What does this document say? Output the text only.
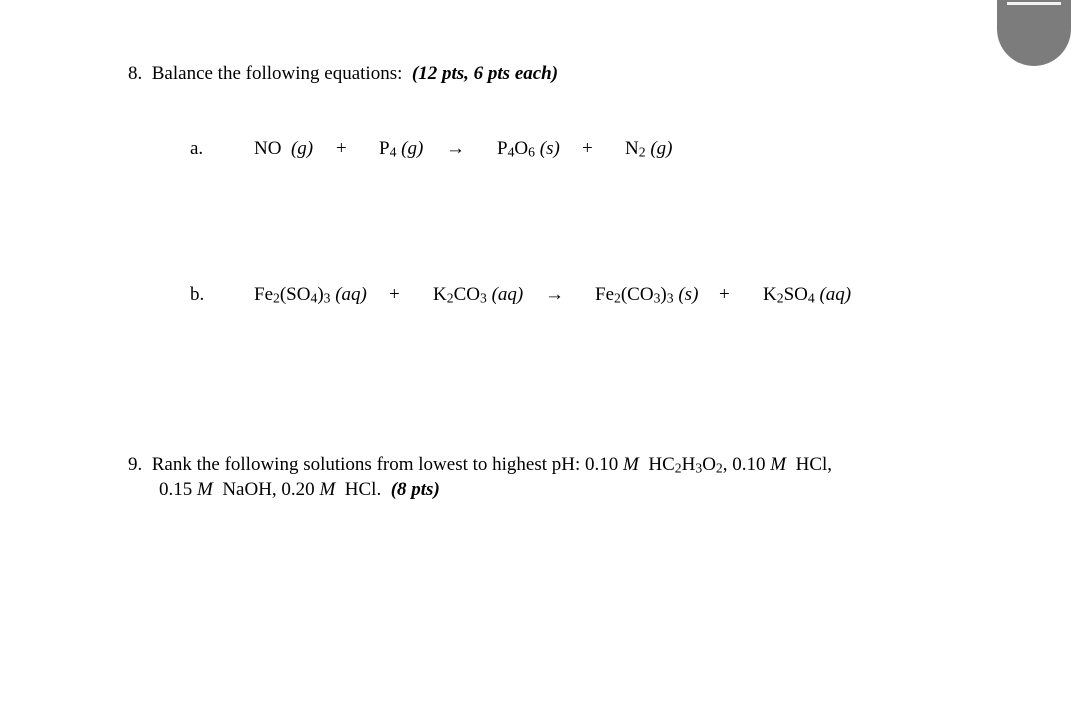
8. Balance the following equations: (12 pts, 6 pts each)
a.	NO $(g) + P_4$ $(g) \to P_4O_6$ $(s) + N_2$ (g)
b.	$Fe_2(SO_4)_3$ $(aq) + K_2CO_3$ $(aq) \to Fe_2(CO_3)_3$ $(s) + K_2SO_4$ (aq)
9. Rank the following solutions from lowest to highest pH: 0.10 M $HC_2H_3O_2$, 0.10 M HCl,
0.15 M NaOH, 0.20 M HCl. (8 pts)
